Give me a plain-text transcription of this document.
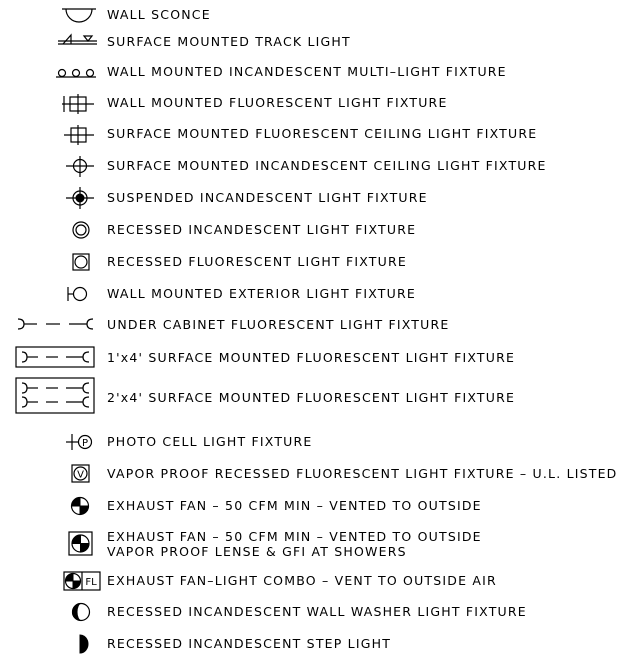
WALL SCONCE
SURFACE MOUNTED TRACK LIGHT
WALL MOUNTED INCANDESCENT MULTI–LIGHT FIXTURE
WALL MOUNTED FLUORESCENT LIGHT FIXTURE
SURFACE MOUNTED FLUORESCENT CEILING LIGHT FIXTURE
SURFACE MOUNTED INCANDESCENT CEILING LIGHT FIXTURE
SUSPENDED INCANDESCENT LIGHT FIXTURE
RECESSED INCANDESCENT LIGHT FIXTURE
RECESSED FLUORESCENT LIGHT FIXTURE
WALL MOUNTED EXTERIOR LIGHT FIXTURE
UNDER CABINET FLUORESCENT LIGHT FIXTURE
1'x4' SURFACE MOUNTED FLUORESCENT LIGHT FIXTURE
2'x4' SURFACE MOUNTED FLUORESCENT LIGHT FIXTURE
P PHOTO CELL LIGHT FIXTURE
V VAPOR PROOF RECESSED FLUORESCENT LIGHT FIXTURE – U.L. LISTED
EXHAUST FAN – 50 CFM MIN – VENTED TO OUTSIDE
EXHAUST FAN – 50 CFM MIN – VENTED TO OUTSIDE
VAPOR PROOF LENSE & GFI AT SHOWERS
FL EXHAUST FAN–LIGHT COMBO – VENT TO OUTSIDE AIR
RECESSED INCANDESCENT WALL WASHER LIGHT FIXTURE
RECESSED INCANDESCENT STEP LIGHT
